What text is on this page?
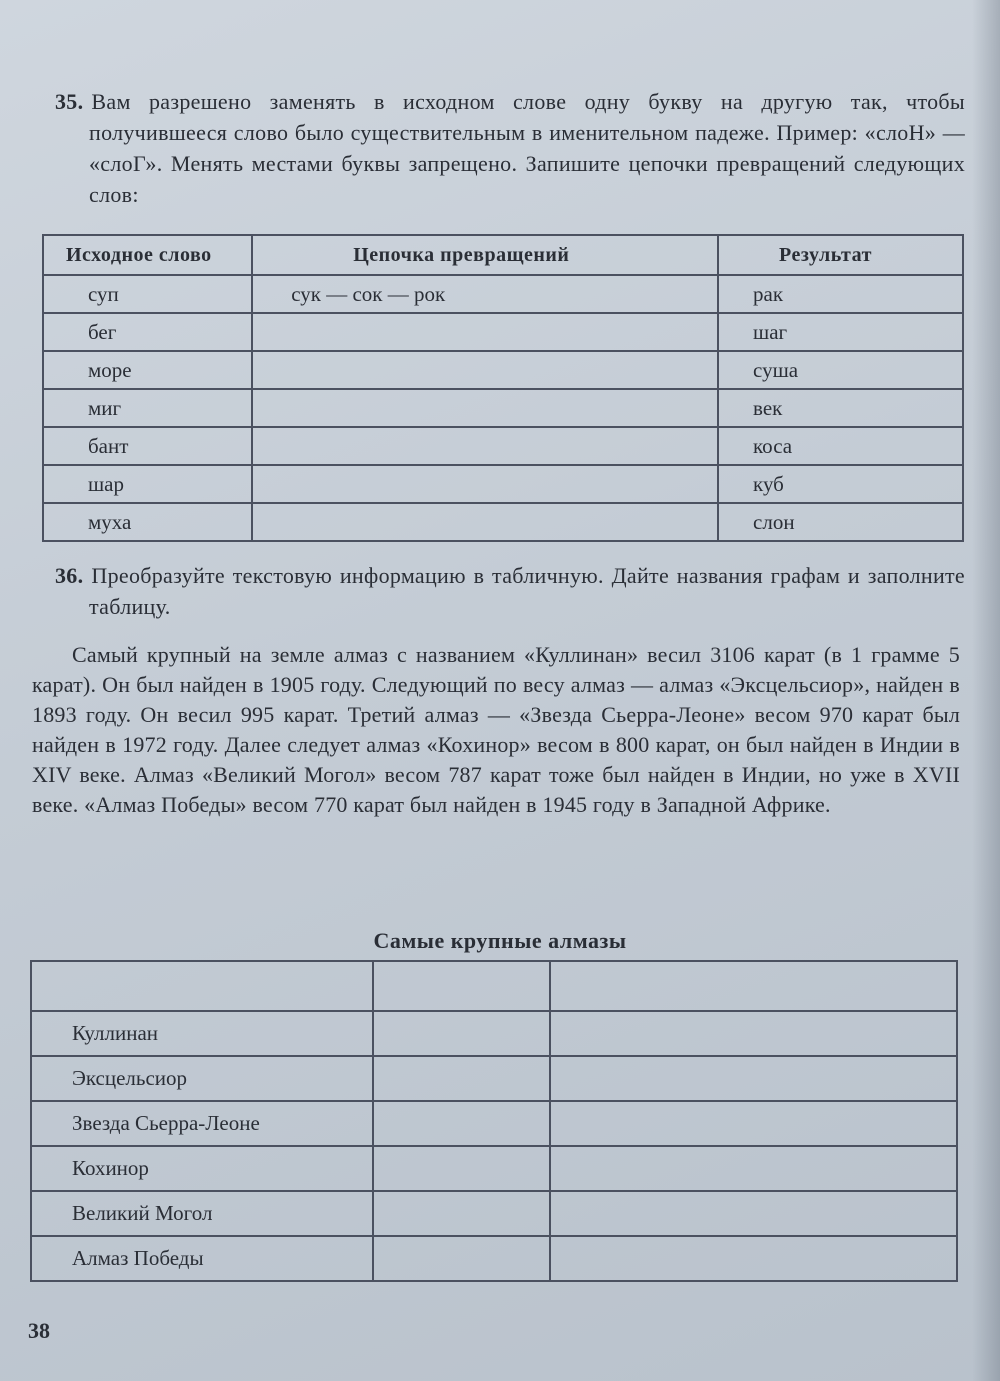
35. Вам разрешено заменять в исходном слове одну букву на другую так, чтобы получившееся слово было существительным в именительном падеже. Пример: «слоН» — «слоГ». Менять местами буквы запрещено. Запишите цепочки превращений следующих слов:
Исходное слово	Цепочка превращений	Результат
суп	сук — сок — рок	рак
бег		шаг
море		суша
миг		век
бант		коса
шар		куб
муха		слон
36. Преобразуйте текстовую информацию в табличную. Дайте названия графам и заполните таблицу.
Самый крупный на земле алмаз с названием «Куллинан» весил 3106 карат (в 1 грамме 5 карат). Он был найден в 1905 году. Следующий по весу алмаз — алмаз «Эксцельсиор», найден в 1893 году. Он весил 995 карат. Третий алмаз — «Звезда Сьерра-Леоне» весом 970 карат был найден в 1972 году. Далее следует алмаз «Кохинор» весом в 800 карат, он был найден в Индии в XIV веке. Алмаз «Великий Могол» весом 787 карат тоже был найден в Индии, но уже в XVII веке. «Алмаз Победы» весом 770 карат был найден в 1945 году в Западной Африке.
Самые крупные алмазы

Куллинан		
Эксцельсиор		
Звезда Сьерра-Леоне		
Кохинор		
Великий Могол		
Алмаз Победы		
38
